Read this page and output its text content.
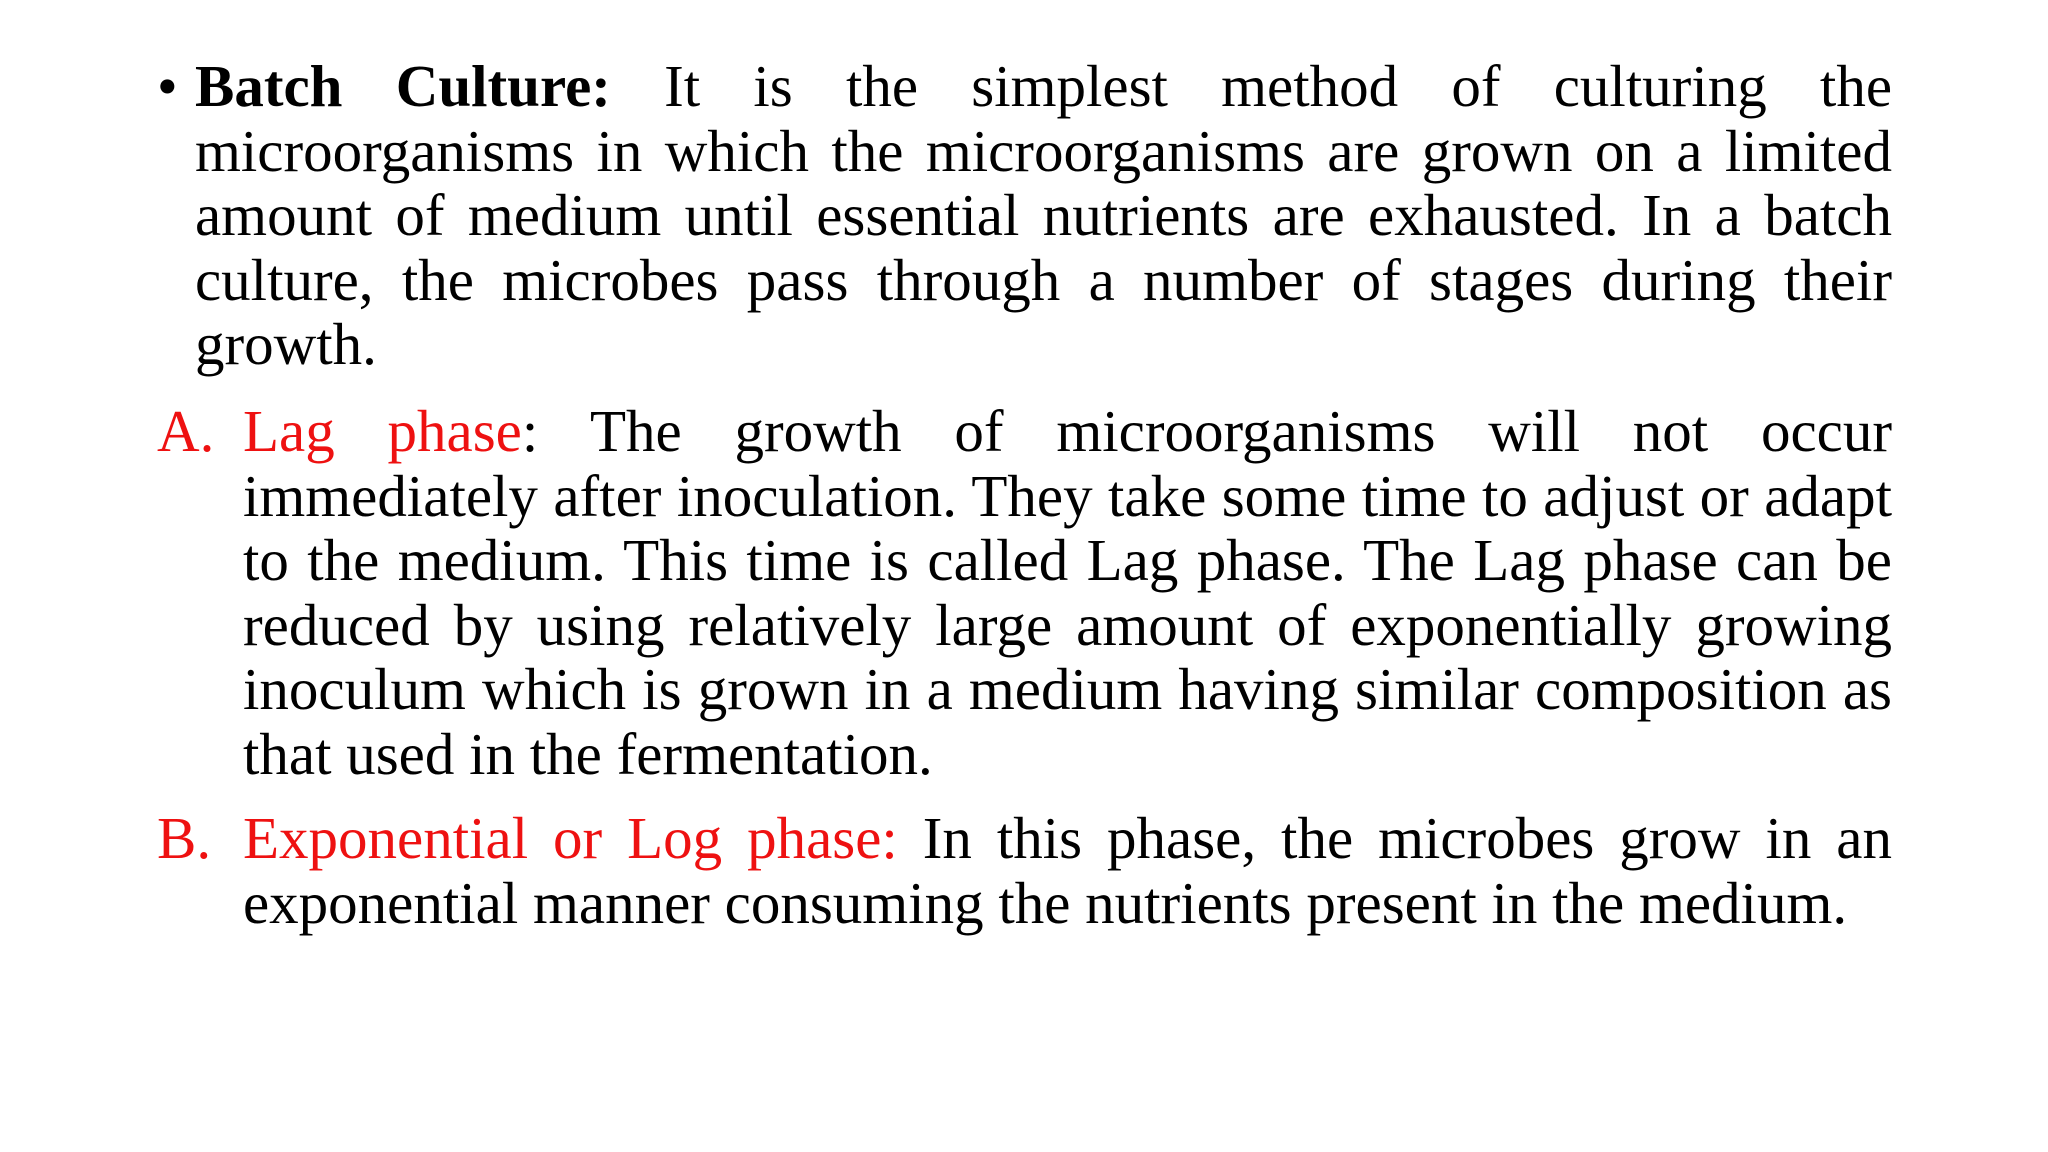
• Batch Culture: It is the simplest method of culturing the microorganisms in which the microorganisms are grown on a limited amount of medium until essential nutrients are exhausted. In a batch culture, the microbes pass through a number of stages during their growth.
A. Lag phase: The growth of microorganisms will not occur immediately after inoculation. They take some time to adjust or adapt to the medium. This time is called Lag phase. The Lag phase can be reduced by using relatively large amount of exponentially growing inoculum which is grown in a medium having similar composition as that used in the fermentation.
B. Exponential or Log phase: In this phase, the microbes grow in an exponential manner consuming the nutrients present in the medium.
